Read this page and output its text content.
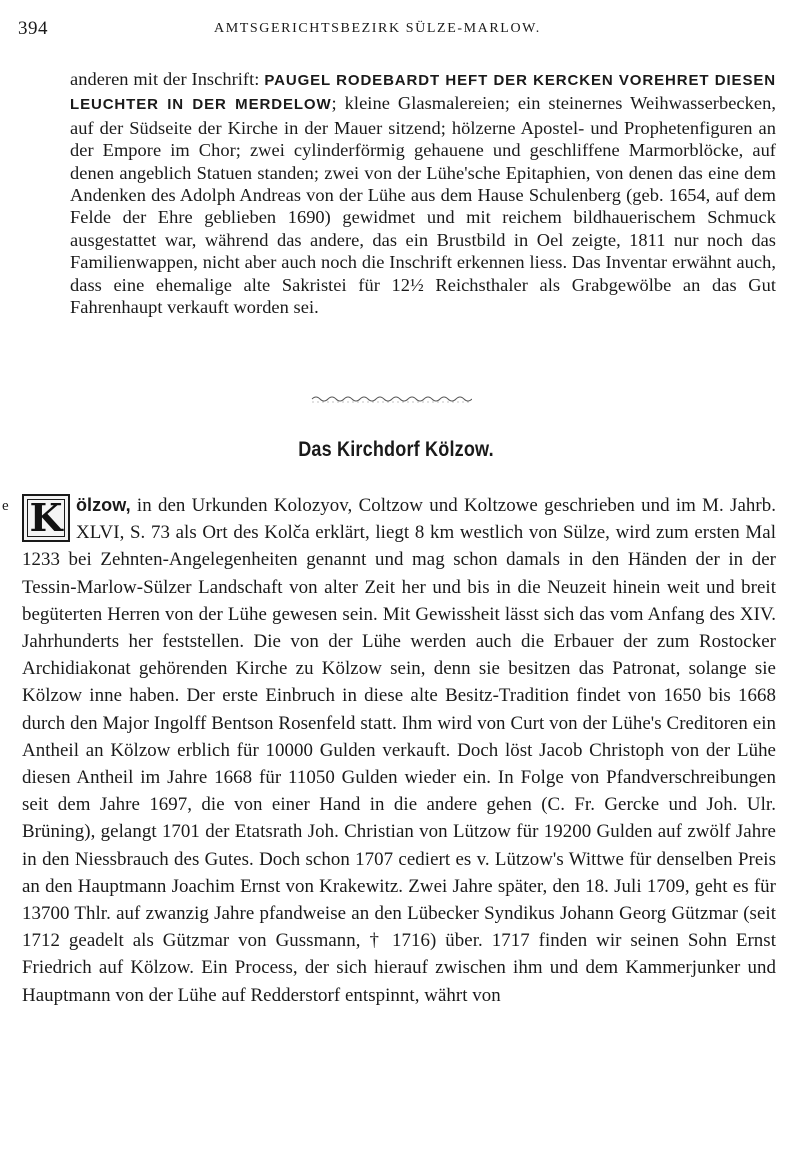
394	AMTSGERICHTSBEZIRK SÜLZE-MARLOW.
anderen mit der Inschrift: PAUGEL RODEBARDT HEFT DER KERCKEN VOREHRET DIESEN LEUCHTER IN DER MERDELOW; kleine Glasmalereien; ein steinernes Weihwasserbecken, auf der Südseite der Kirche in der Mauer sitzend; hölzerne Apostel- und Prophetenfiguren an der Empore im Chor; zwei cylinderförmig gehauene und geschliffene Marmorblöcke, auf denen angeblich Statuen standen; zwei von der Lühe'sche Epitaphien, von denen das eine dem Andenken des Adolph Andreas von der Lühe aus dem Hause Schulenberg (geb. 1654, auf dem Felde der Ehre geblieben 1690) gewidmet und mit reichem bildhauerischem Schmuck ausgestattet war, während das andere, das ein Brustbild in Oel zeigte, 1811 nur noch das Familienwappen, nicht aber auch noch die Inschrift erkennen liess. Das Inventar erwähnt auch, dass eine ehemalige alte Sakristei für 12½ Reichsthaler als Grabgewölbe an das Gut Fahrenhaupt verkauft worden sei.
Das Kirchdorf Kölzow.
e K ölzow, in den Urkunden Kolozyov, Coltzow und Koltzowe geschrieben und im M. Jahrb. XLVI, S. 73 als Ort des Kolča erklärt, liegt 8 km westlich von Sülze, wird zum ersten Mal 1233 bei Zehnten-Angelegenheiten genannt und mag schon damals in den Händen der in der Tessin-Marlow-Sülzer Landschaft von alter Zeit her und bis in die Neuzeit hinein weit und breit begüterten Herren von der Lühe gewesen sein. Mit Gewissheit lässt sich das vom Anfang des XIV. Jahrhunderts her feststellen. Die von der Lühe werden auch die Erbauer der zum Rostocker Archidiakonat gehörenden Kirche zu Kölzow sein, denn sie besitzen das Patronat, solange sie Kölzow inne haben. Der erste Einbruch in diese alte Besitz-Tradition findet von 1650 bis 1668 durch den Major Ingolff Bentson Rosenfeld statt. Ihm wird von Curt von der Lühe's Creditoren ein Antheil an Kölzow erblich für 10000 Gulden verkauft. Doch löst Jacob Christoph von der Lühe diesen Antheil im Jahre 1668 für 11050 Gulden wieder ein. In Folge von Pfandverschreibungen seit dem Jahre 1697, die von einer Hand in die andere gehen (C. Fr. Gercke und Joh. Ulr. Brüning), gelangt 1701 der Etatsrath Joh. Christian von Lützow für 19200 Gulden auf zwölf Jahre in den Niessbrauch des Gutes. Doch schon 1707 cediert es v. Lützow's Wittwe für denselben Preis an den Hauptmann Joachim Ernst von Krakewitz. Zwei Jahre später, den 18. Juli 1709, geht es für 13700 Thlr. auf zwanzig Jahre pfandweise an den Lübecker Syndikus Johann Georg Gützmar (seit 1712 geadelt als Gützmar von Gussmann, † 1716) über. 1717 finden wir seinen Sohn Ernst Friedrich auf Kölzow. Ein Process, der sich hierauf zwischen ihm und dem Kammerjunker und Hauptmann von der Lühe auf Redderstorf entspinnt, währt von
